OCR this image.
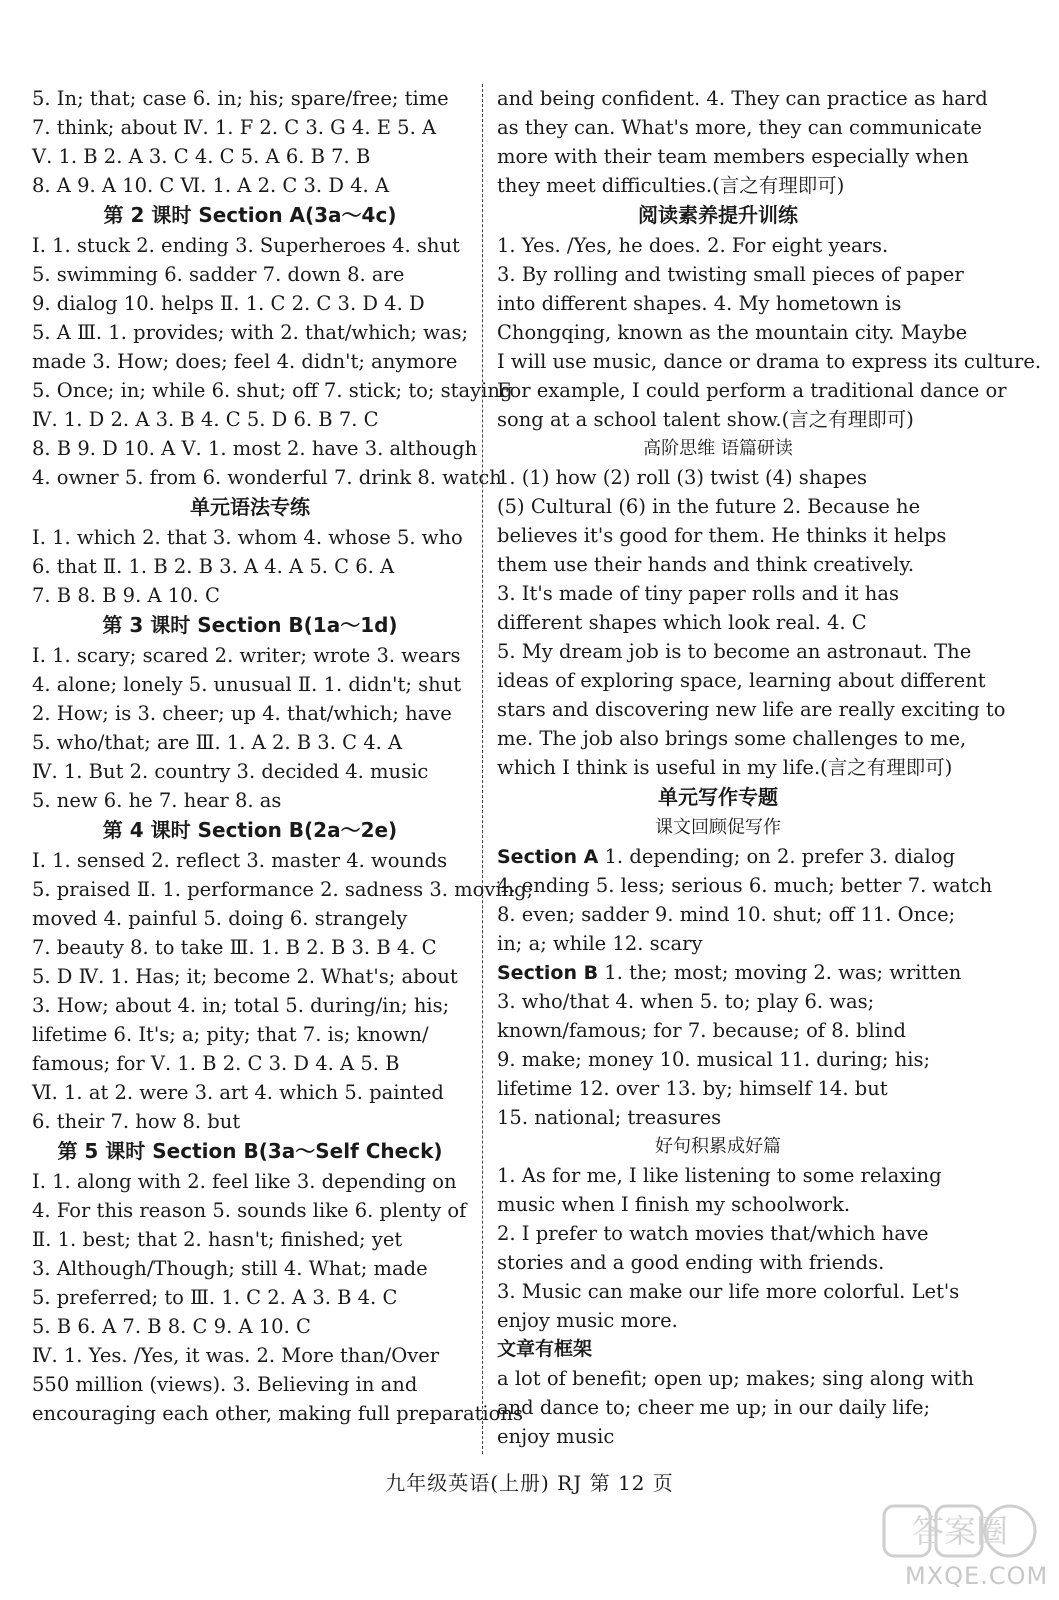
5. In; that; case 6. in; his; spare/free; time
7. think; about Ⅳ. 1. F 2. C 3. G 4. E 5. A
Ⅴ. 1. B 2. A 3. C 4. C 5. A 6. B 7. B
8. A 9. A 10. C Ⅵ. 1. A 2. C 3. D 4. A
第 2 课时 Section A(3a～4c)
Ⅰ. 1. stuck 2. ending 3. Superheroes 4. shut
5. swimming 6. sadder 7. down 8. are
9. dialog 10. helps Ⅱ. 1. C 2. C 3. D 4. D
5. A Ⅲ. 1. provides; with 2. that/which; was;
made 3. How; does; feel 4. didn't; anymore
5. Once; in; while 6. shut; off 7. stick; to; staying
Ⅳ. 1. D 2. A 3. B 4. C 5. D 6. B 7. C
8. B 9. D 10. A Ⅴ. 1. most 2. have 3. although
4. owner 5. from 6. wonderful 7. drink 8. watch
单元语法专练
Ⅰ. 1. which 2. that 3. whom 4. whose 5. who
6. that Ⅱ. 1. B 2. B 3. A 4. A 5. C 6. A
7. B 8. B 9. A 10. C
第 3 课时 Section B(1a～1d)
Ⅰ. 1. scary; scared 2. writer; wrote 3. wears
4. alone; lonely 5. unusual Ⅱ. 1. didn't; shut
2. How; is 3. cheer; up 4. that/which; have
5. who/that; are Ⅲ. 1. A 2. B 3. C 4. A
Ⅳ. 1. But 2. country 3. decided 4. music
5. new 6. he 7. hear 8. as
第 4 课时 Section B(2a～2e)
Ⅰ. 1. sensed 2. reflect 3. master 4. wounds
5. praised Ⅱ. 1. performance 2. sadness 3. moving;
moved 4. painful 5. doing 6. strangely
7. beauty 8. to take Ⅲ. 1. B 2. B 3. B 4. C
5. D Ⅳ. 1. Has; it; become 2. What's; about
3. How; about 4. in; total 5. during/in; his;
lifetime 6. It's; a; pity; that 7. is; known/
famous; for Ⅴ. 1. B 2. C 3. D 4. A 5. B
Ⅵ. 1. at 2. were 3. art 4. which 5. painted
6. their 7. how 8. but
第 5 课时 Section B(3a～Self Check)
Ⅰ. 1. along with 2. feel like 3. depending on
4. For this reason 5. sounds like 6. plenty of
Ⅱ. 1. best; that 2. hasn't; finished; yet
3. Although/Though; still 4. What; made
5. preferred; to Ⅲ. 1. C 2. A 3. B 4. C
5. B 6. A 7. B 8. C 9. A 10. C
Ⅳ. 1. Yes. /Yes, it was. 2. More than/Over
550 million (views). 3. Believing in and
encouraging each other, making full preparations
and being confident. 4. They can practice as hard
as they can. What's more, they can communicate
more with their team members especially when
they meet difficulties.(言之有理即可)
阅读素养提升训练
1. Yes. /Yes, he does. 2. For eight years.
3. By rolling and twisting small pieces of paper
into different shapes. 4. My hometown is
Chongqing, known as the mountain city. Maybe
I will use music, dance or drama to express its culture.
For example, I could perform a traditional dance or
song at a school talent show.(言之有理即可)
高阶思维 语篇研读
1. (1) how (2) roll (3) twist (4) shapes
(5) Cultural (6) in the future 2. Because he
believes it's good for them. He thinks it helps
them use their hands and think creatively.
3. It's made of tiny paper rolls and it has
different shapes which look real. 4. C
5. My dream job is to become an astronaut. The
ideas of exploring space, learning about different
stars and discovering new life are really exciting to
me. The job also brings some challenges to me,
which I think is useful in my life.(言之有理即可)
单元写作专题
课文回顾促写作
Section A 1. depending; on 2. prefer 3. dialog
4. ending 5. less; serious 6. much; better 7. watch
8. even; sadder 9. mind 10. shut; off 11. Once;
in; a; while 12. scary
Section B 1. the; most; moving 2. was; written
3. who/that 4. when 5. to; play 6. was;
known/famous; for 7. because; of 8. blind
9. make; money 10. musical 11. during; his;
lifetime 12. over 13. by; himself 14. but
15. national; treasures
好句积累成好篇
1. As for me, I like listening to some relaxing
music when I finish my schoolwork.
2. I prefer to watch movies that/which have
stories and a good ending with friends.
3. Music can make our life more colorful. Let's
enjoy music more.
文章有框架
a lot of benefit; open up; makes; sing along with
and dance to; cheer me up; in our daily life;
enjoy music
九年级英语(上册) RJ 第 12 页
答案圈
MXQE.COM
